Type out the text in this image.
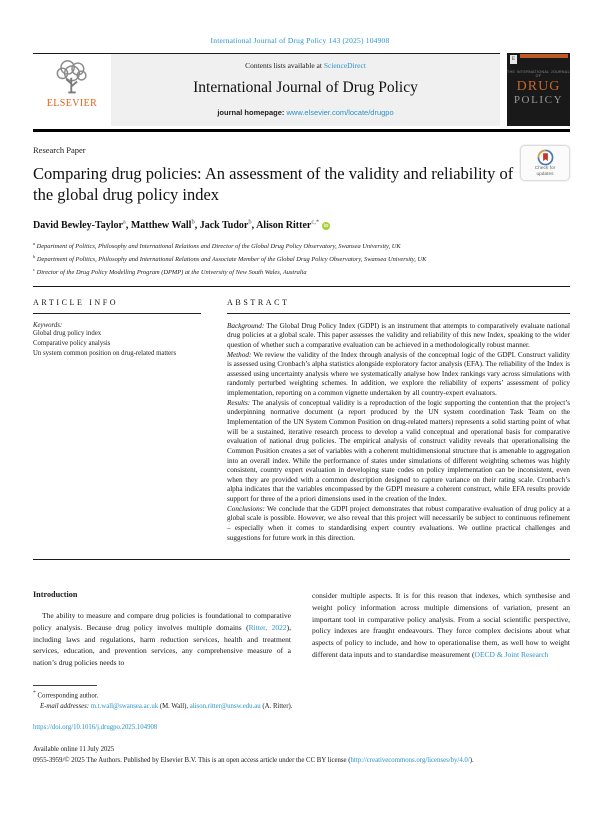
International Journal of Drug Policy 143 (2025) 104908
ELSEVIER
Contents lists available at ScienceDirect
International Journal of Drug Policy
journal homepage: www.elsevier.com/locate/drugpo
E
THE INTERNATIONAL JOURNAL OF
DRUG
POLICY
Check for
updates
Research Paper
Comparing drug policies: An assessment of the validity and reliability of the global drug policy index
David Bewley-Taylor$^a$, Matthew Wall$^b$, Jack Tudor$^b$, Alison Ritter$^{c,*}$ iD
$^a$ Department of Politics, Philosophy and International Relations and Director of the Global Drug Policy Observatory, Swansea University, UK
$^b$ Department of Politics, Philosophy and International Relations and Associate Member of the Global Drug Policy Observatory, Swansea University, UK
$^c$ Director of the Drug Policy Modelling Program (DPMP) at the University of New South Wales, Australia
ARTICLE INFO
Keywords:
Global drug policy index
Comparative policy analysis
Un system common position on drug-related matters
ABSTRACT
Background: The Global Drug Policy Index (GDPI) is an instrument that attempts to comparatively evaluate national drug policies at a global scale. This paper assesses the validity and reliability of this new Index, speaking to the wider question of whether such a comparative evaluation can be achieved in a methodologically robust manner.
Method: We review the validity of the Index through analysis of the conceptual logic of the GDPI. Construct validity is assessed using Cronbach’s alpha statistics alongside exploratory factor analysis (EFA). The reliability of the Index is assessed using uncertainty analysis where we systematically analyse how Index rankings vary across simulations with randomly perturbed weighting schemes. In addition, we explore the reliability of experts’ assessment of policy implementation, reporting on a common vignette undertaken by all country-expert evaluators.
Results: The analysis of conceptual validity is a reproduction of the logic supporting the contention that the project’s underpinning normative document (a report produced by the UN system coordination Task Team on the Implementation of the UN System Common Position on drug-related matters) represents a solid starting point of what will be a sustained, iterative research process to develop a valid conceptual and operational basis for comparative evaluation of national drug policies. The empirical analysis of construct validity reveals that operationalising the Common Position creates a set of variables with a coherent multidimensional structure that is amenable to aggregation into an overall index. While the performance of states under simulations of different weighting schemes was highly consistent, country expert evaluation in developing state codes on policy implementation can be inconsistent, even when they are provided with a common description designed to capture variance on their rating scale. Cronbach’s alpha indicates that the variables encompassed by the GDPI measure a coherent construct, while EFA results provide support for three of the a priori dimensions used in the creation of the Index.
Conclusions: We conclude that the GDPI project demonstrates that robust comparative evaluation of drug policy at a global scale is possible. However, we also reveal that this project will necessarily be subject to continuous refinement – especially when it comes to standardising expert country evaluations. We outline practical challenges and suggestions for future work in this direction.
Introduction
The ability to measure and compare drug policies is foundational to comparative policy analysis. Because drug policy involves multiple domains (Ritter, 2022), including laws and regulations, harm reduction services, health and treatment services, education, and prevention services, any comprehensive measure of a nation’s drug policies needs to
consider multiple aspects. It is for this reason that indexes, which synthesise and weight policy information across multiple dimensions of variation, present an important tool in comparative policy analysis. From a social scientific perspective, policy indexes are fraught endeavours. They force complex decisions about what aspects of policy to include, and how to operationalise them, as well how to weight different data inputs and to standardise measurement (OECD & Joint Research
* Corresponding author.
E-mail addresses: m.t.wall@swansea.ac.uk (M. Wall), alison.ritter@unsw.edu.au (A. Ritter).
https://doi.org/10.1016/j.drugpo.2025.104908
Available online 11 July 2025
0955-3959/© 2025 The Authors. Published by Elsevier B.V. This is an open access article under the CC BY license (http://creativecommons.org/licenses/by/4.0/).
